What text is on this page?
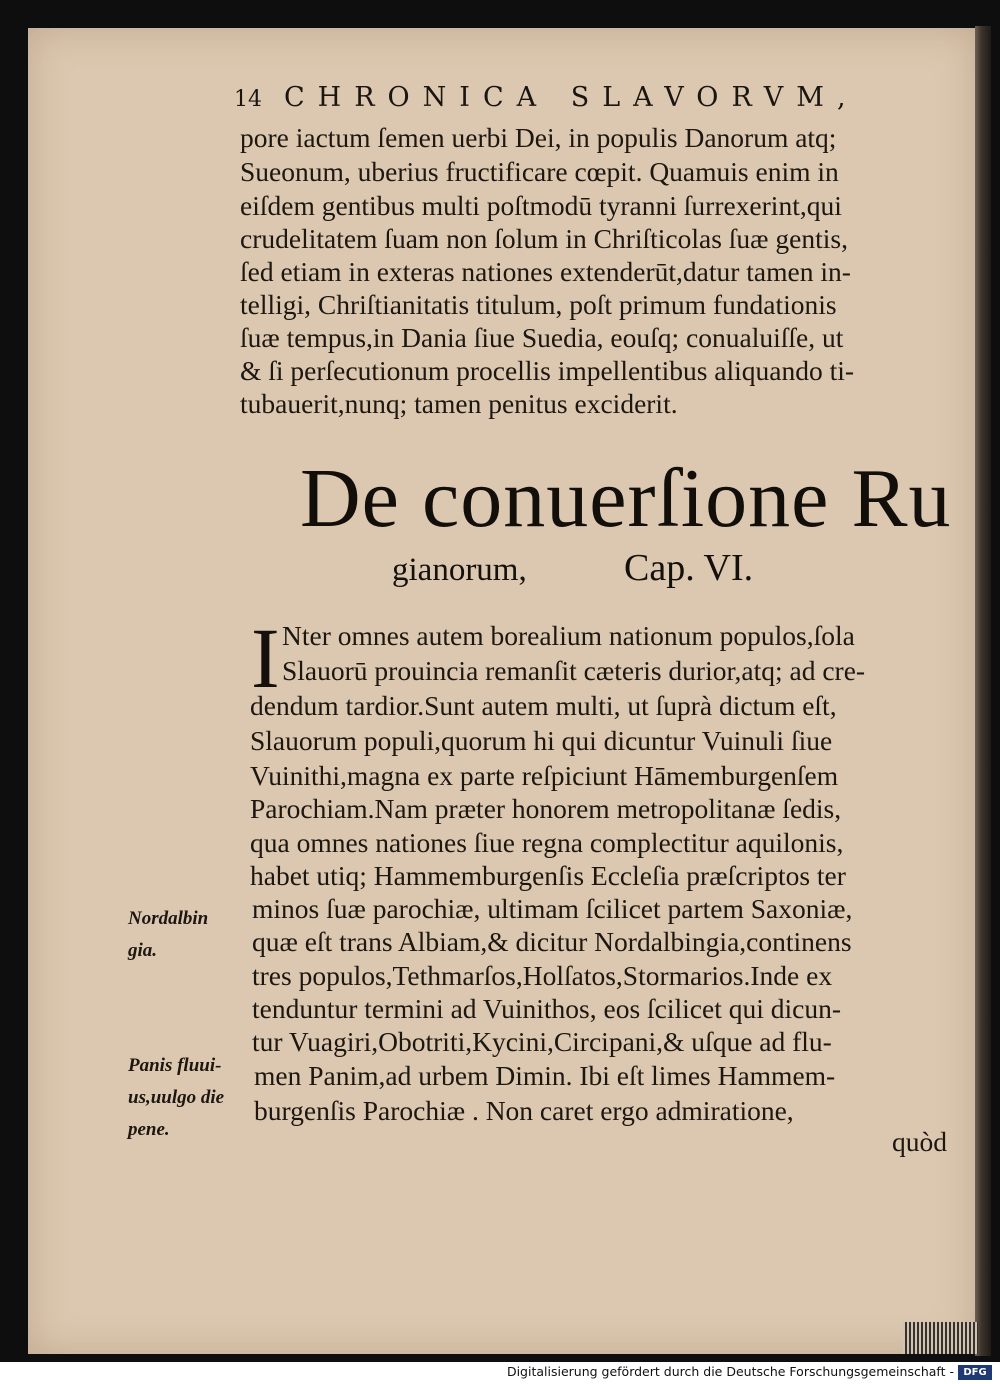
14 CHRONICA SLAVORVM,
pore iactum ſemen uerbi Dei, in populis Danorum atq;
Sueonum, uberius fructificare cœpit. Quamuis enim in
eiſdem gentibus multi poſtmodū tyranni ſurrexerint,qui
crudelitatem ſuam non ſolum in Chriſticolas ſuæ gentis,
ſed etiam in exteras nationes extenderūt,datur tamen in-
telligi, Chriſtianitatis titulum, poſt primum fundationis
ſuæ tempus,in Dania ſiue Suedia, eouſq; conualuiſſe, ut
& ſi perſecutionum procellis impellentibus aliquando ti-
tubauerit,nunq; tamen penitus exciderit.
De conuerſione Ru
gianorum,	Cap. VI.
I Nter omnes autem borealium nationum populos,ſola
Slauorū prouincia remanſit cæteris durior,atq; ad cre-
dendum tardior.Sunt autem multi, ut ſuprà dictum eſt,
Slauorum populi,quorum hi qui dicuntur Vuinuli ſiue
Vuinithi,magna ex parte reſpiciunt Hāmemburgenſem
Parochiam.Nam præter honorem metropolitanæ ſedis,
qua omnes nationes ſiue regna complectitur aquilonis,
habet utiq; Hammemburgenſis Eccleſia præſcriptos ter
minos ſuæ parochiæ, ultimam ſcilicet partem Saxoniæ,
quæ eſt trans Albiam,& dicitur Nordalbingia,continens
tres populos,Tethmarſos,Holſatos,Stormarios.Inde ex
tenduntur termini ad Vuinithos, eos ſcilicet qui dicun-
tur Vuagiri,Obotriti,Kycini,Circipani,& uſque ad flu-
men Panim,ad urbem Dimin. Ibi eſt limes Hammem-
burgenſis Parochiæ . Non caret ergo admiratione,
quòd
Nordalbin
gia.
Panis fluui-
us,uulgo die
pene.
Digitalisierung gefördert durch die Deutsche Forschungsgemeinschaft - DFG
